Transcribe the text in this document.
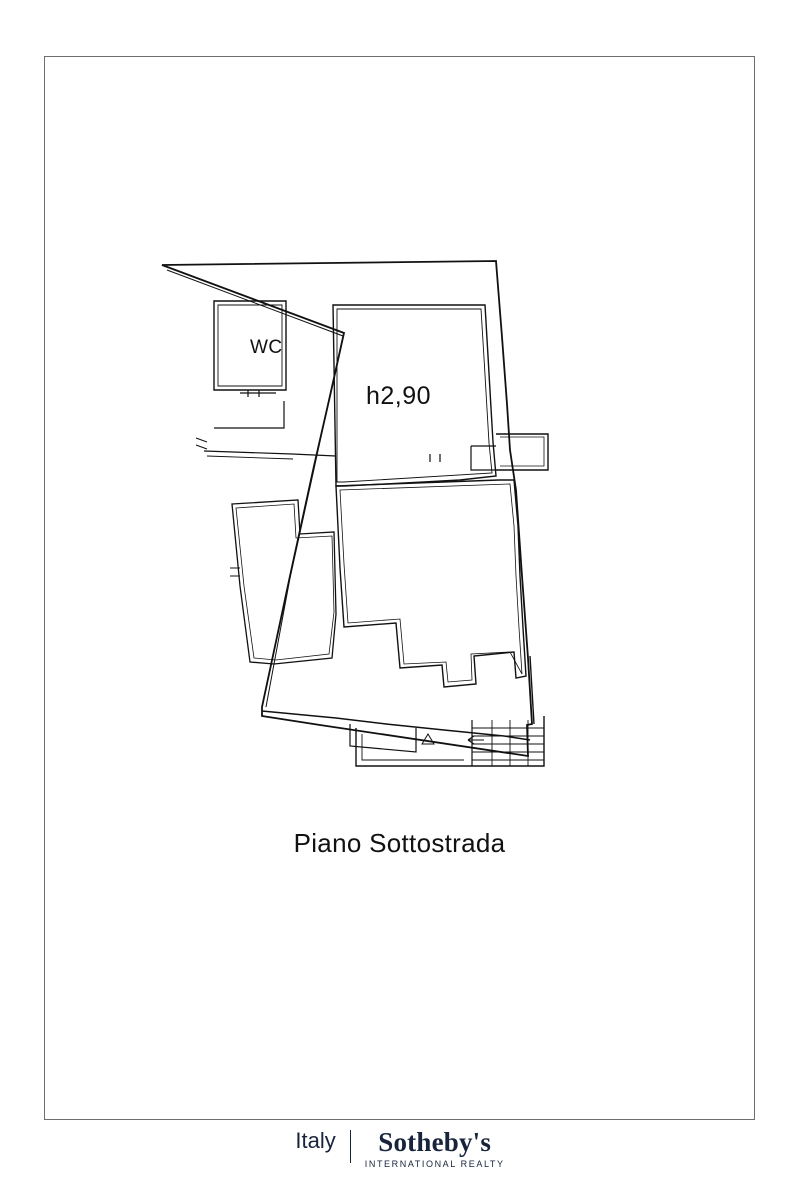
WC
h2,90
Piano Sottostrada
Italy	Sotheby's
INTERNATIONAL REALTY
